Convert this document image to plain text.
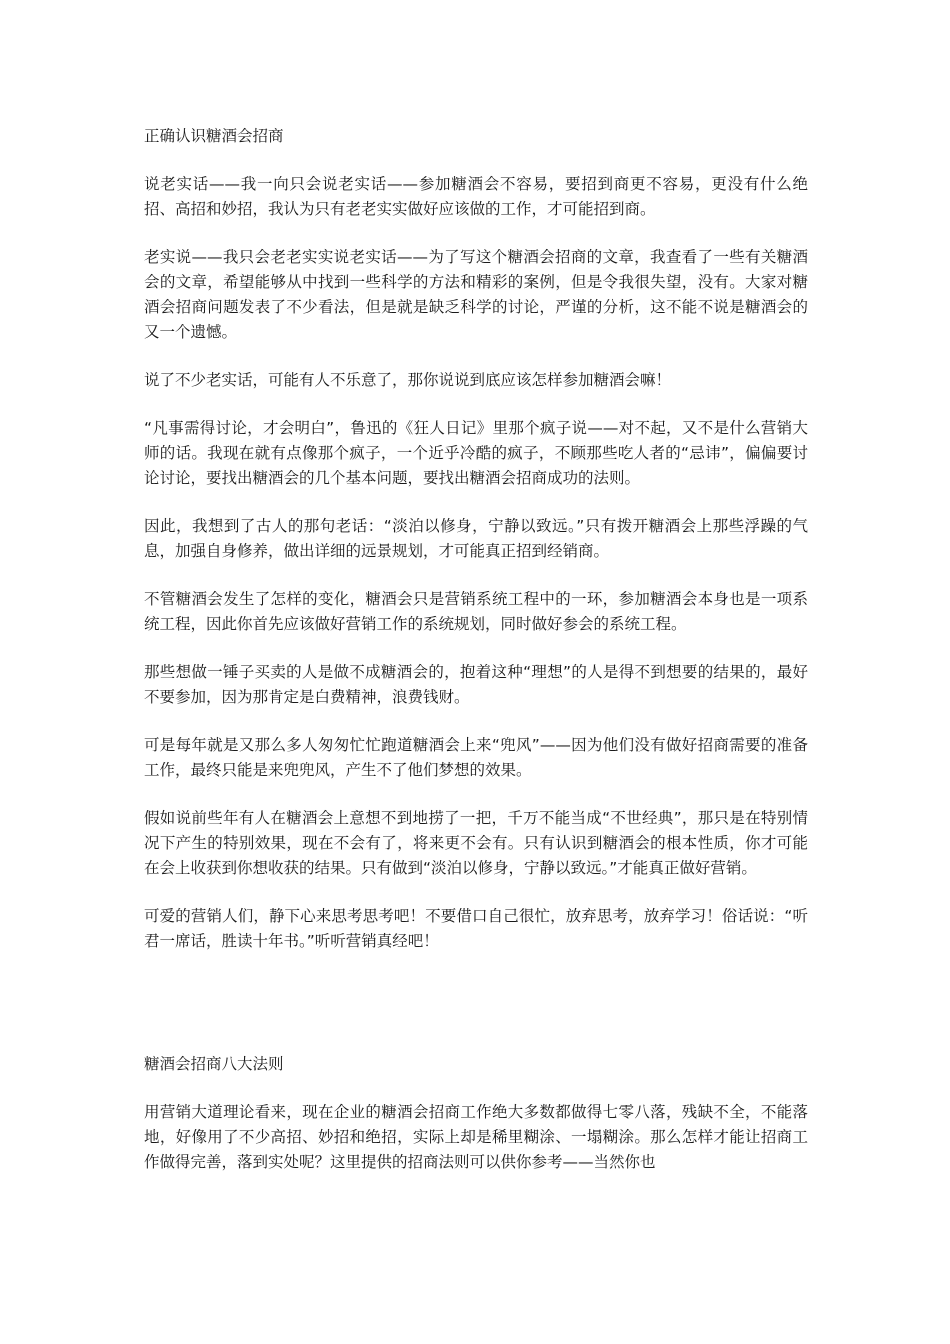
正确认识糖酒会招商

说老实话——我一向只会说老实话——参加糖酒会不容易，要招到商更不容易，更没有什么绝招、高招和妙招，我认为只有老老实实做好应该做的工作，才可能招到商。

老实说——我只会老老实实说老实话——为了写这个糖酒会招商的文章，我查看了一些有关糖酒会的文章，希望能够从中找到一些科学的方法和精彩的案例，但是令我很失望，没有。大家对糖酒会招商问题发表了不少看法，但是就是缺乏科学的讨论，严谨的分析，这不能不说是糖酒会的又一个遗憾。

说了不少老实话，可能有人不乐意了，那你说说到底应该怎样参加糖酒会嘛！

“凡事需得讨论，才会明白”，鲁迅的《狂人日记》里那个疯子说——对不起，又不是什么营销大师的话。我现在就有点像那个疯子，一个近乎冷酷的疯子，不顾那些吃人者的“忌讳”，偏偏要讨论讨论，要找出糖酒会的几个基本问题，要找出糖酒会招商成功的法则。

因此，我想到了古人的那句老话：“淡泊以修身，宁静以致远。”只有拨开糖酒会上那些浮躁的气息，加强自身修养，做出详细的远景规划，才可能真正招到经销商。

不管糖酒会发生了怎样的变化，糖酒会只是营销系统工程中的一环，参加糖酒会本身也是一项系统工程，因此你首先应该做好营销工作的系统规划，同时做好参会的系统工程。

那些想做一锤子买卖的人是做不成糖酒会的，抱着这种“理想”的人是得不到想要的结果的，最好不要参加，因为那肯定是白费精神，浪费钱财。

可是每年就是又那么多人匆匆忙忙跑道糖酒会上来“兜风”——因为他们没有做好招商需要的准备工作，最终只能是来兜兜风，产生不了他们梦想的效果。

假如说前些年有人在糖酒会上意想不到地捞了一把，千万不能当成“不世经典”，那只是在特别情况下产生的特别效果，现在不会有了，将来更不会有。只有认识到糖酒会的根本性质，你才可能在会上收获到你想收获的结果。只有做到“淡泊以修身，宁静以致远。”才能真正做好营销。

可爱的营销人们，静下心来思考思考吧！不要借口自己很忙，放弃思考，放弃学习！俗话说：“听君一席话，胜读十年书。”听听营销真经吧！

糖酒会招商八大法则

用营销大道理论看来，现在企业的糖酒会招商工作绝大多数都做得七零八落，残缺不全，不能落地，好像用了不少高招、妙招和绝招，实际上却是稀里糊涂、一塌糊涂。那么怎样才能让招商工作做得完善，落到实处呢？这里提供的招商法则可以供你参考——当然你也
